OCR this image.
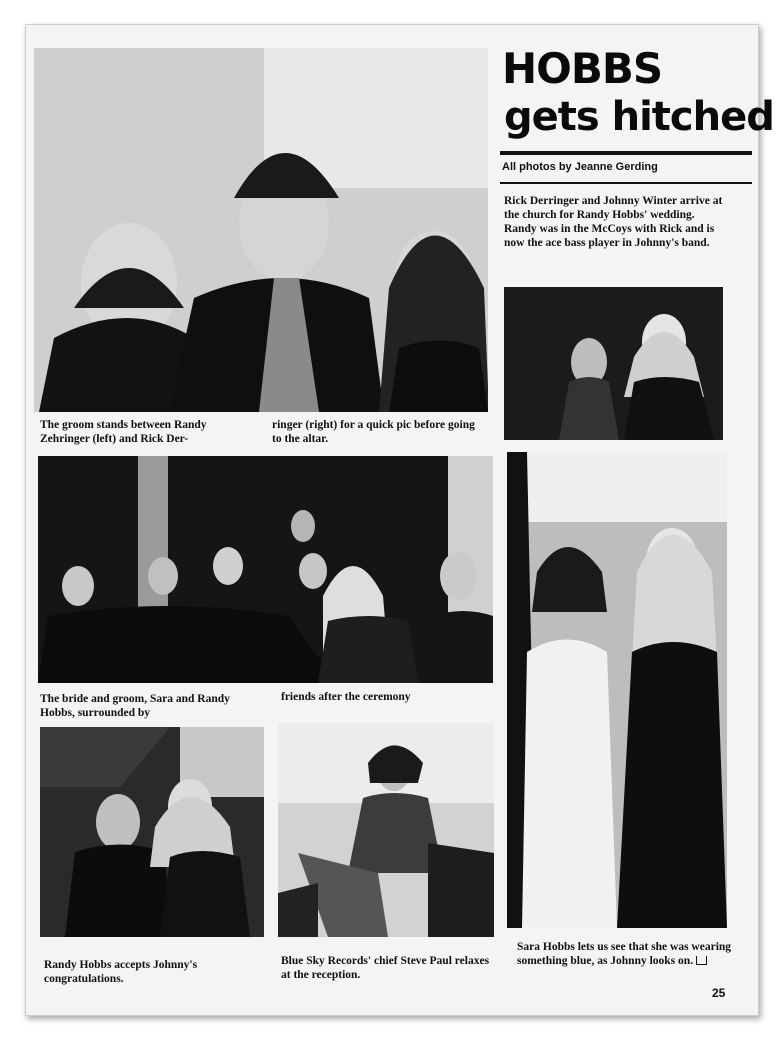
HOBBS
gets hitched
All photos by Jeanne Gerding
Rick Derringer and Johnny Winter arrive at the church for Randy Hobbs' wedding. Randy was in the McCoys with Rick and is now the ace bass player in Johnny's band.
The groom stands between Randy Zehringer (left) and Rick Der-
ringer (right) for a quick pic before going to the altar.
The bride and groom, Sara and Randy Hobbs, surrounded by
friends after the ceremony
Randy Hobbs accepts Johnny's congratulations.
Blue Sky Records' chief Steve Paul relaxes at the reception.
Sara Hobbs lets us see that she was wearing something blue, as Johnny looks on.
25
